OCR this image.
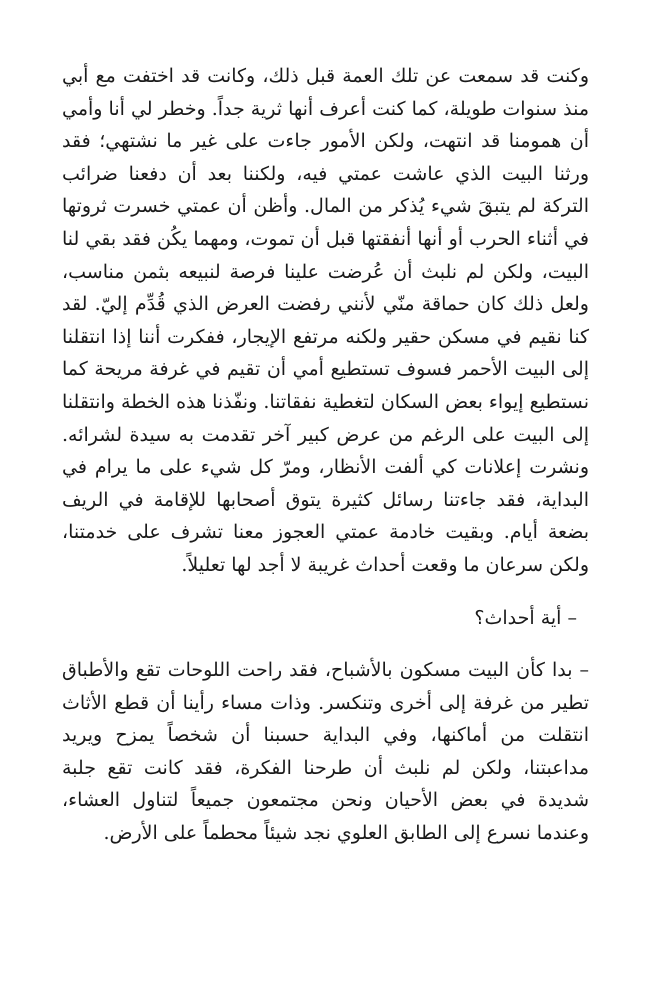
وكنت قد سمعت عن تلك العمة قبل ذلك، وكانت قد اختفت مع أبي منذ سنوات طويلة، كما كنت أعرف أنها ثرية جداً. وخطر لي أنا وأمي أن همومنا قد انتهت، ولكن الأمور جاءت على غير ما نشتهي؛ فقد ورثنا البيت الذي عاشت عمتي فيه، ولكننا بعد أن دفعنا ضرائب التركة لم يتبقَ شيء يُذكر من المال. وأظن أن عمتي خسرت ثروتها في أثناء الحرب أو أنها أنفقتها قبل أن تموت، ومهما يكُن فقد بقي لنا البيت، ولكن لم نلبث أن عُرضت علينا فرصة لنبيعه بثمن مناسب، ولعل ذلك كان حماقة منّي لأنني رفضت العرض الذي قُدِّم إليّ. لقد كنا نقيم في مسكن حقير ولكنه مرتفع الإيجار، ففكرت أننا إذا انتقلنا إلى البيت الأحمر فسوف تستطيع أمي أن تقيم في غرفة مريحة كما نستطيع إيواء بعض السكان لتغطية نفقاتنا. ونفّذنا هذه الخطة وانتقلنا إلى البيت على الرغم من عرض كبير آخر تقدمت به سيدة لشرائه. ونشرت إعلانات كي ألفت الأنظار، ومرّ كل شيء على ما يرام في البداية، فقد جاءتنا رسائل كثيرة يتوق أصحابها للإقامة في الريف بضعة أيام. وبقيت خادمة عمتي العجوز معنا تشرف على خدمتنا، ولكن سرعان ما وقعت أحداث غريبة لا أجد لها تعليلاً.

– أية أحداث؟

– بدا كأن البيت مسكون بالأشباح، فقد راحت اللوحات تقع والأطباق تطير من غرفة إلى أخرى وتنكسر. وذات مساء رأينا أن قطع الأثاث انتقلت من أماكنها، وفي البداية حسبنا أن شخصاً يمزح ويريد مداعبتنا، ولكن لم نلبث أن طرحنا الفكرة، فقد كانت تقع جلبة شديدة في بعض الأحيان ونحن مجتمعون جميعاً لتناول العشاء، وعندما نسرع إلى الطابق العلوي نجد شيئاً محطماً على الأرض.
